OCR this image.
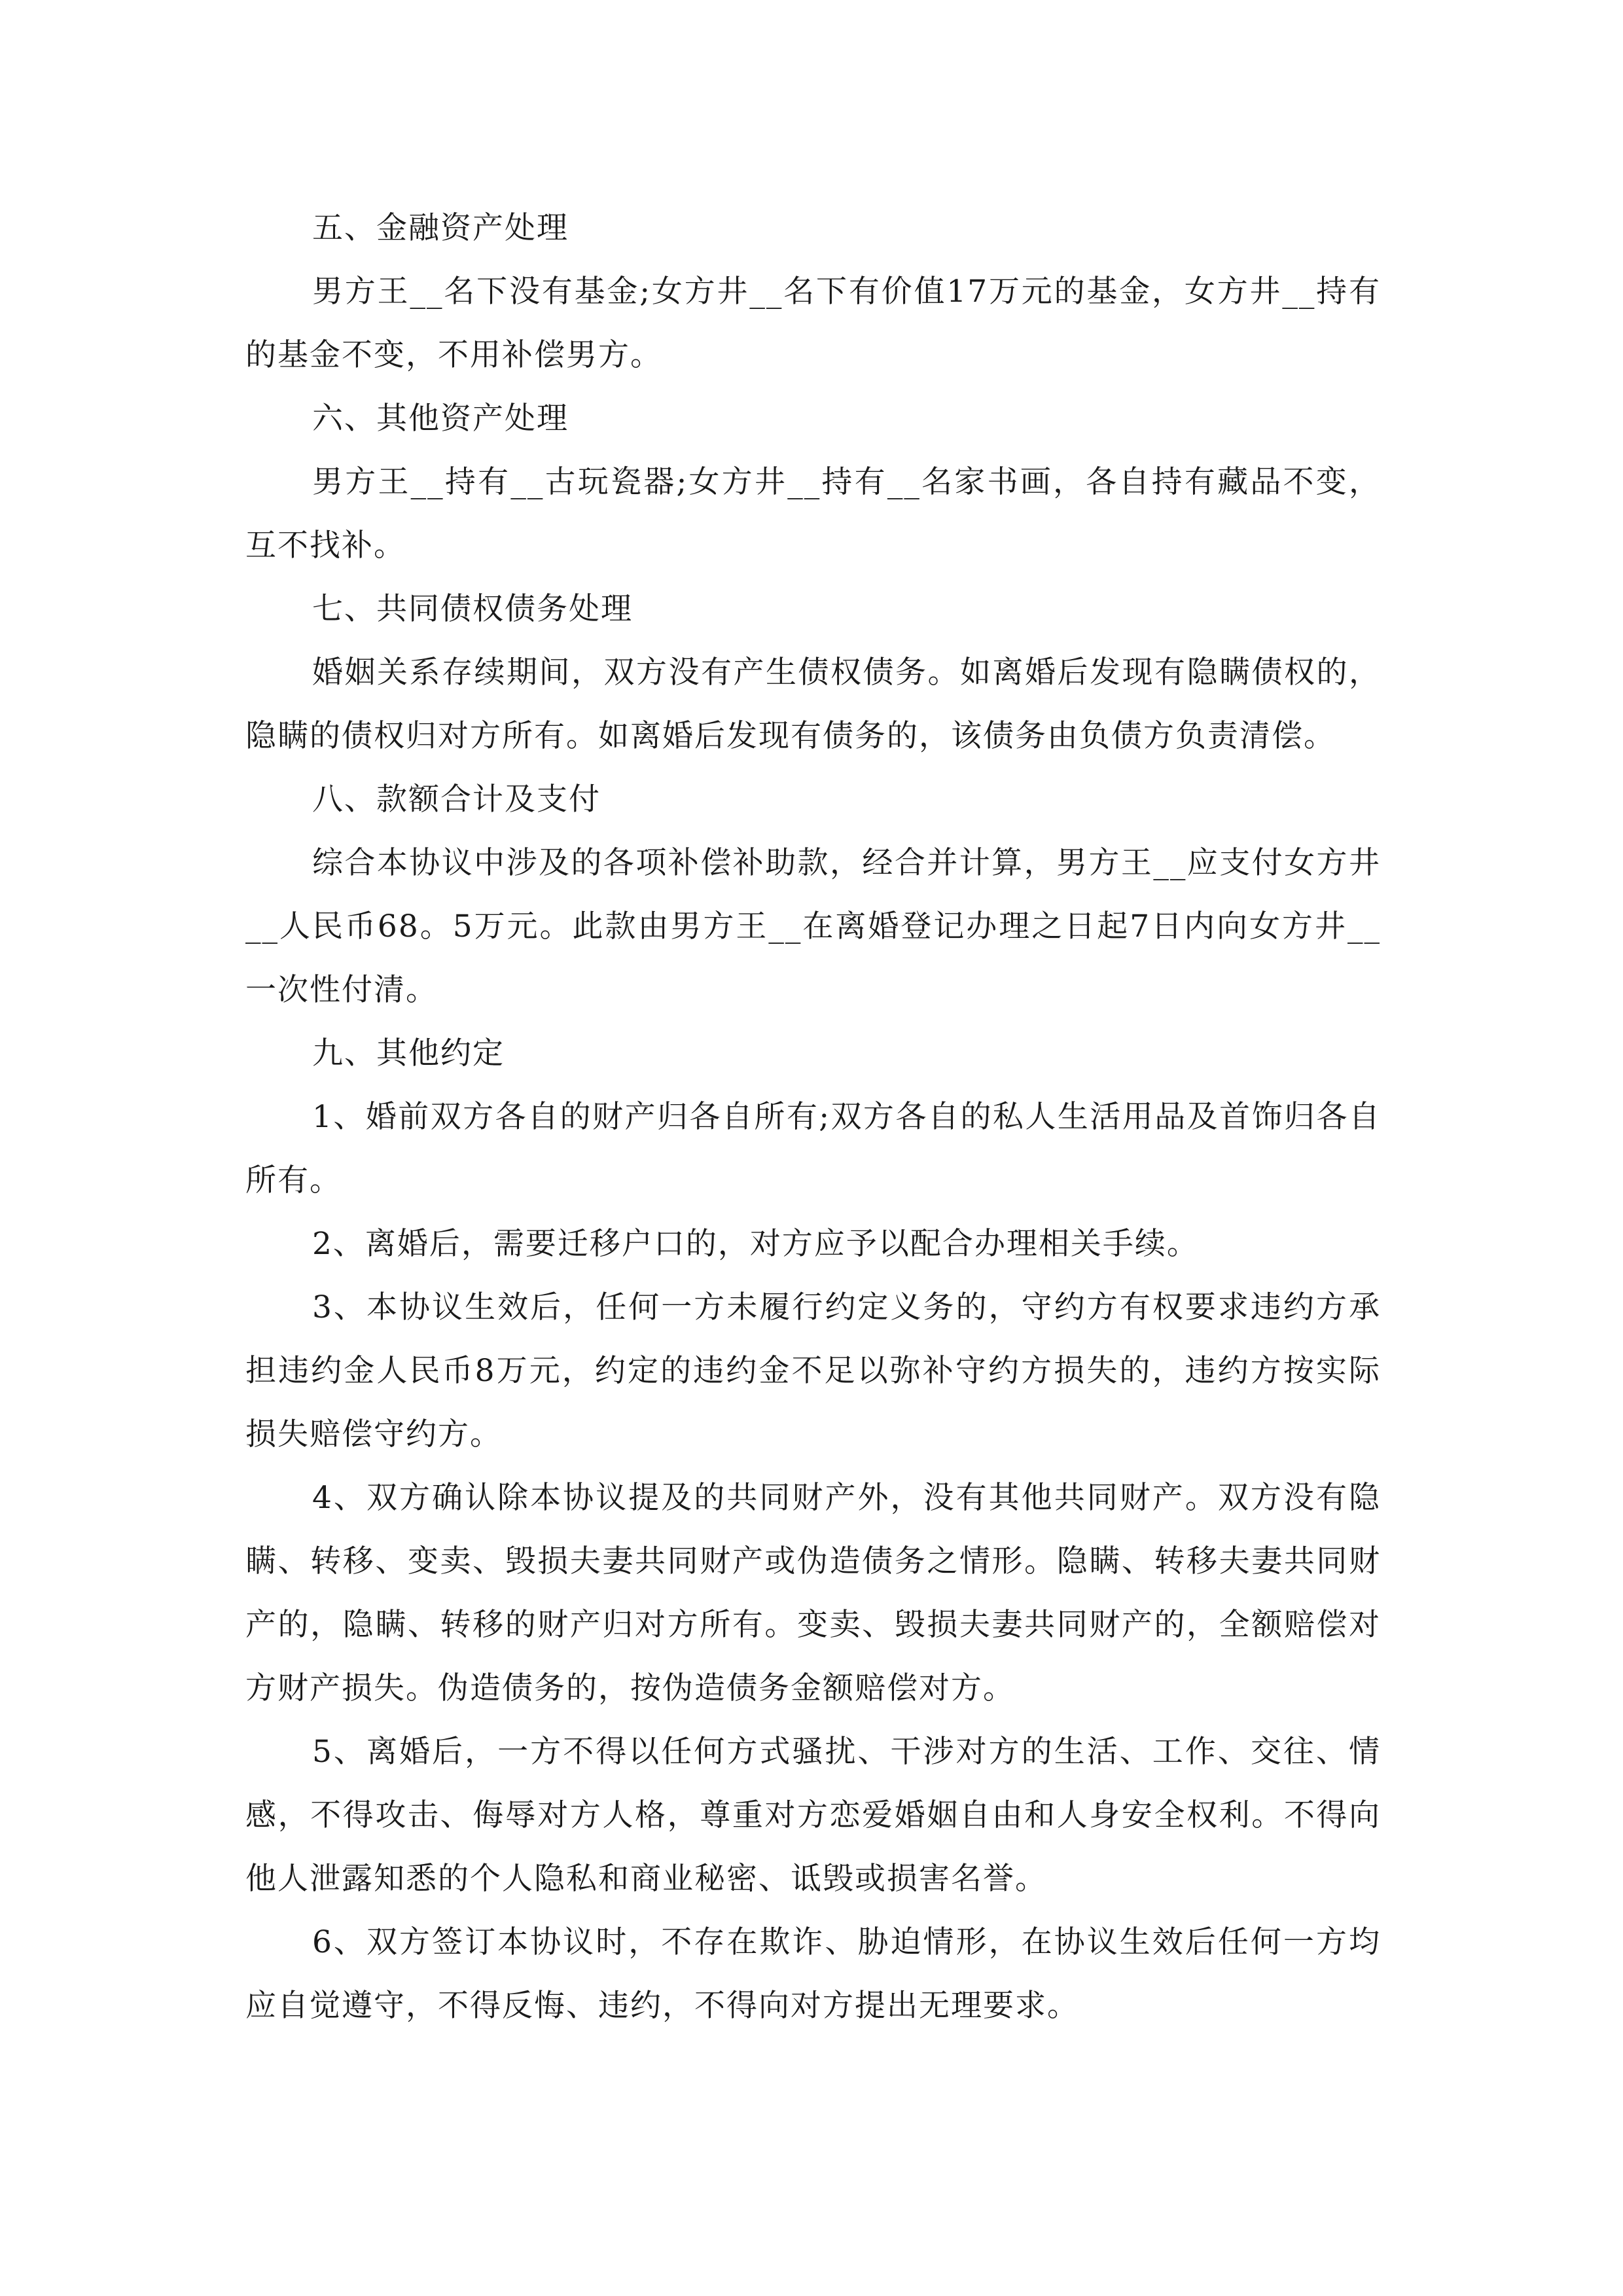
五、金融资产处理

男方王__名下没有基金;女方井__名下有价值17万元的基金，女方井__持有的基金不变，不用补偿男方。

六、其他资产处理

男方王__持有__古玩瓷器;女方井__持有__名家书画，各自持有藏品不变，互不找补。

七、共同债权债务处理

婚姻关系存续期间，双方没有产生债权债务。如离婚后发现有隐瞒债权的，隐瞒的债权归对方所有。如离婚后发现有债务的，该债务由负债方负责清偿。

八、款额合计及支付

综合本协议中涉及的各项补偿补助款，经合并计算，男方王__应支付女方井__人民币68。5万元。此款由男方王__在离婚登记办理之日起7日内向女方井__一次性付清。

九、其他约定

1、婚前双方各自的财产归各自所有;双方各自的私人生活用品及首饰归各自所有。

2、离婚后，需要迁移户口的，对方应予以配合办理相关手续。

3、本协议生效后，任何一方未履行约定义务的，守约方有权要求违约方承担违约金人民币8万元，约定的违约金不足以弥补守约方损失的，违约方按实际损失赔偿守约方。

4、双方确认除本协议提及的共同财产外，没有其他共同财产。双方没有隐瞒、转移、变卖、毁损夫妻共同财产或伪造债务之情形。隐瞒、转移夫妻共同财产的，隐瞒、转移的财产归对方所有。变卖、毁损夫妻共同财产的，全额赔偿对方财产损失。伪造债务的，按伪造债务金额赔偿对方。

5、离婚后，一方不得以任何方式骚扰、干涉对方的生活、工作、交往、情感，不得攻击、侮辱对方人格，尊重对方恋爱婚姻自由和人身安全权利。不得向他人泄露知悉的个人隐私和商业秘密、诋毁或损害名誉。

6、双方签订本协议时，不存在欺诈、胁迫情形，在协议生效后任何一方均应自觉遵守，不得反悔、违约，不得向对方提出无理要求。
